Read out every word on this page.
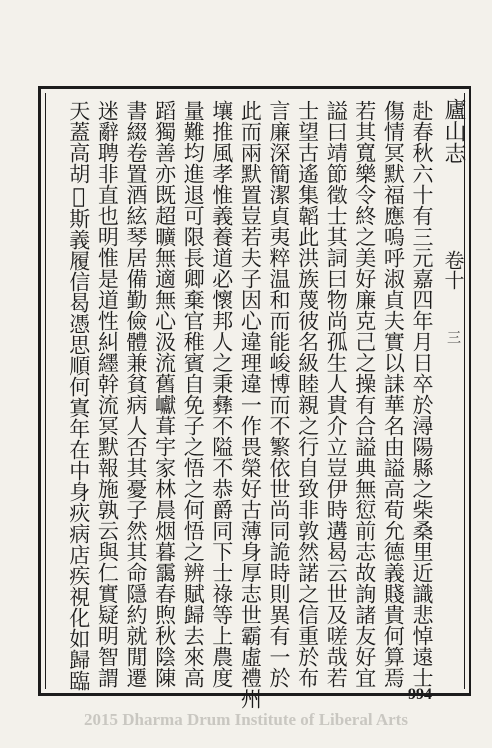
廬山志
卷十
三
赴春秋六十有三元嘉四年月日卒於潯陽縣之柴桑里近識悲悼遠士
傷情冥默福應嗚呼淑貞夫實以誄華名由謚高荀允德義賤貴何算焉
若其寬樂令終之美好廉克己之操有合謚典無愆前志故詢諸友好宜
謚曰靖節徵士其詞曰物尚孤生人貴介立豈伊時遘曷云世及嗟哉若
士望古遙集韜此洪族蔑彼名級睦親之行自致非敦然諾之信重於布
言廉深簡潔貞夷粹温和而能峻博而不繁依世尚同詭時則異有一於
此而兩默置豈若夫子因心違理違一作畏榮好古薄身厚志世霸虛禮州
壤推風孝惟義養道必懷邦人之秉彝不隘不恭爵同下士祿等上農度
量難均進退可限長卿棄官稚賓自免子之悟之何悟之辨賦歸去來高
蹈獨善亦既超曠無適無心汲流舊巘葺宇家林晨烟暮靄春煦秋陰陳
書綴卷置酒絃琴居備勤儉體兼貧病人否其憂子然其命隱約就閒遷
迷辭聘非直也明惟是道性糾纆幹流冥默報施孰云與仁實疑明智謂
天蓋高胡𦊨斯義履信曷憑思順何寘年在中身疢病店疾視化如歸臨
994
2015 Dharma Drum Institute of Liberal Arts
